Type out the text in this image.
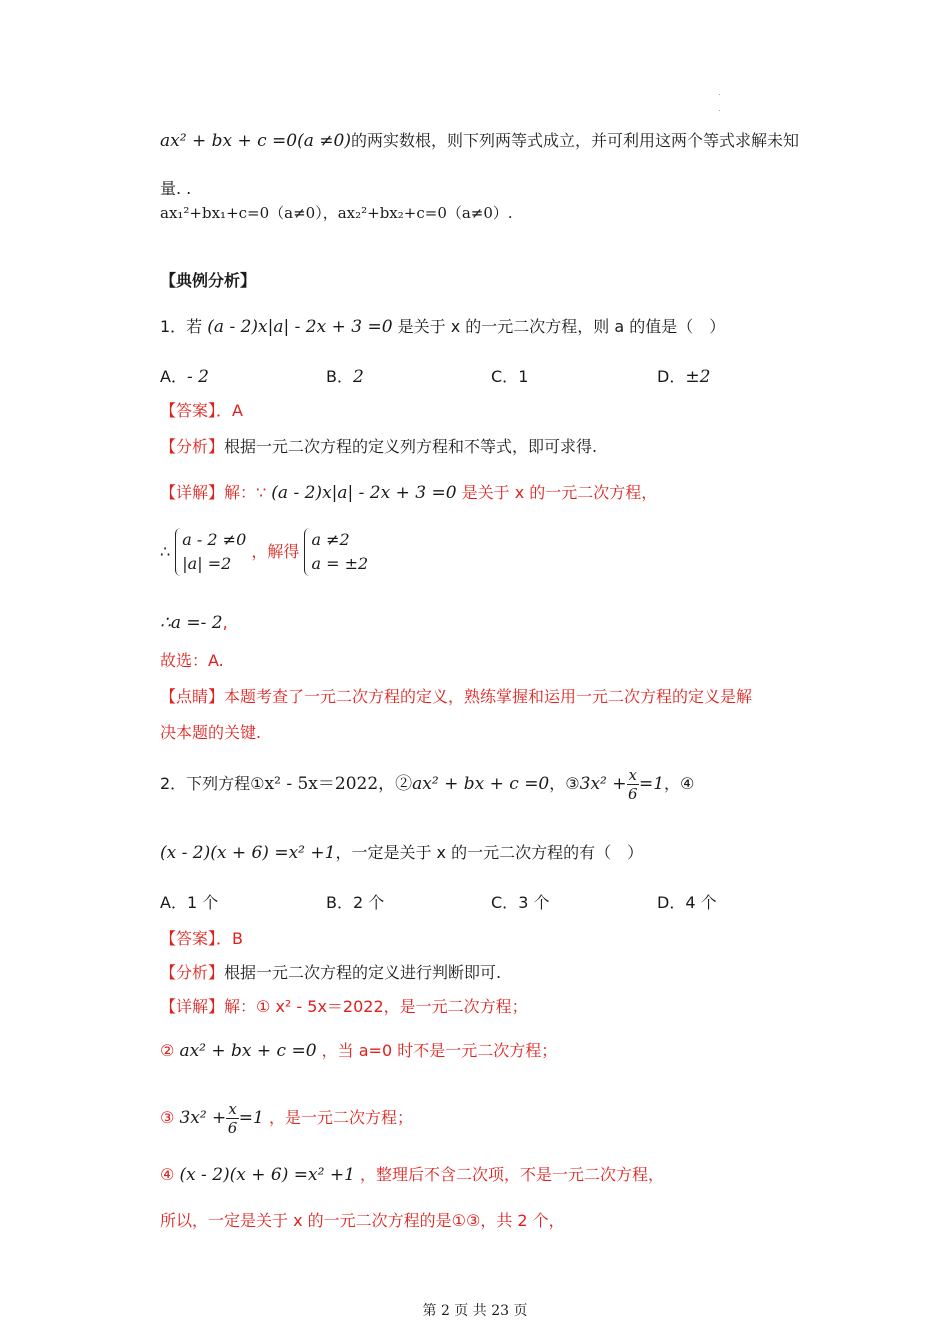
.
.
ax² + bx + c =0(a ≠0)的两实数根，则下列两等式成立，并可利用这两个等式求解未知
量. .
ax₁²+bx₁+c=0（a≠0），ax₂²+bx₂+c=0（a≠0）.
【典例分析】
1．若 (a - 2)x|a| - 2x + 3 =0 是关于 x 的一元二次方程，则 a 的值是（　）
A．- 2	B．2	C．1	D．±2
【答案】．A
【分析】根据一元二次方程的定义列方程和不等式，即可求得.
【详解】解：∵ (a - 2)x|a| - 2x + 3 =0 是关于 x 的一元二次方程，
∴
a - 2 ≠0
|a| =2
，解得
a ≠2
a = ±2
∴a =- 2,
故选：A.
【点睛】本题考查了一元二次方程的定义，熟练掌握和运用一元二次方程的定义是解
决本题的关键.
2．下列方程①x² - 5x＝2022，②ax² + bx + c =0，③3x² + $\frac{x}{6} =1$，④
(x - 2)(x + 6) =x² +1，一定是关于 x 的一元二次方程的有（　）
A．1 个	B．2 个	C．3 个	D．4 个
【答案】．B
【分析】根据一元二次方程的定义进行判断即可.
【详解】解：① x² - 5x＝2022，是一元二次方程；
② ax² + bx + c =0 ，当 a=0 时不是一元二次方程；
③ $3x^2 + \frac{x}{6} =1$ ，是一元二次方程；
④ (x - 2)(x + 6) =x² +1 ，整理后不含二次项，不是一元二次方程，
所以，一定是关于 x 的一元二次方程的是①③，共 2 个，
第 2 页 共 23 页
